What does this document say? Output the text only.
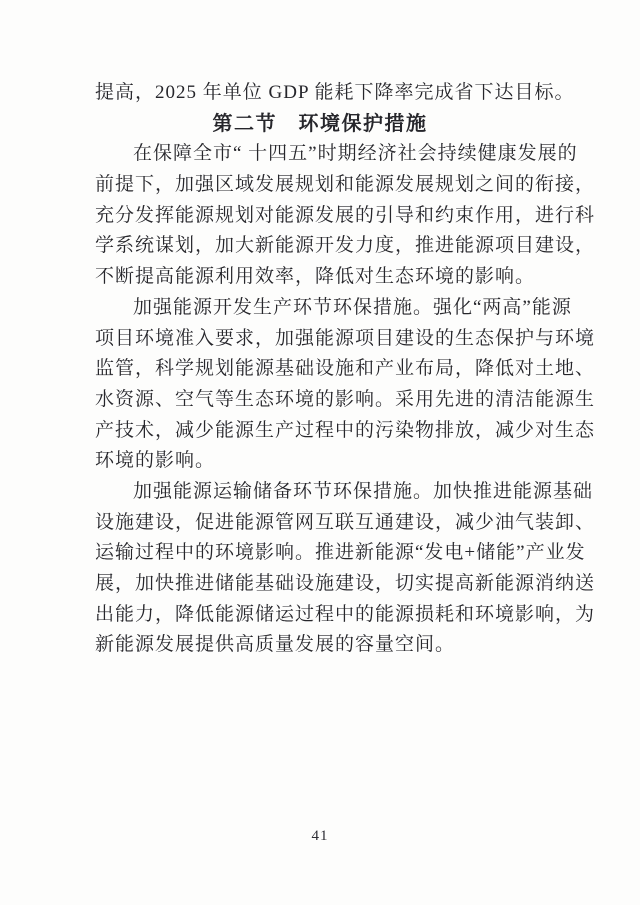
提高，2025 年单位 GDP 能耗下降率完成省下达目标。
第二节　环境保护措施
在保障全市“ 十四五”时期经济社会持续健康发展的
前提下，加强区域发展规划和能源发展规划之间的衔接，
充分发挥能源规划对能源发展的引导和约束作用，进行科
学系统谋划，加大新能源开发力度，推进能源项目建设，
不断提高能源利用效率，降低对生态环境的影响。
加强能源开发生产环节环保措施。强化“两高”能源
项目环境准入要求，加强能源项目建设的生态保护与环境
监管，科学规划能源基础设施和产业布局，降低对土地、
水资源、空气等生态环境的影响。采用先进的清洁能源生
产技术，减少能源生产过程中的污染物排放，减少对生态
环境的影响。
加强能源运输储备环节环保措施。加快推进能源基础
设施建设，促进能源管网互联互通建设，减少油气装卸、
运输过程中的环境影响。推进新能源“发电+储能”产业发
展，加快推进储能基础设施建设，切实提高新能源消纳送
出能力，降低能源储运过程中的能源损耗和环境影响，为
新能源发展提供高质量发展的容量空间。
41
